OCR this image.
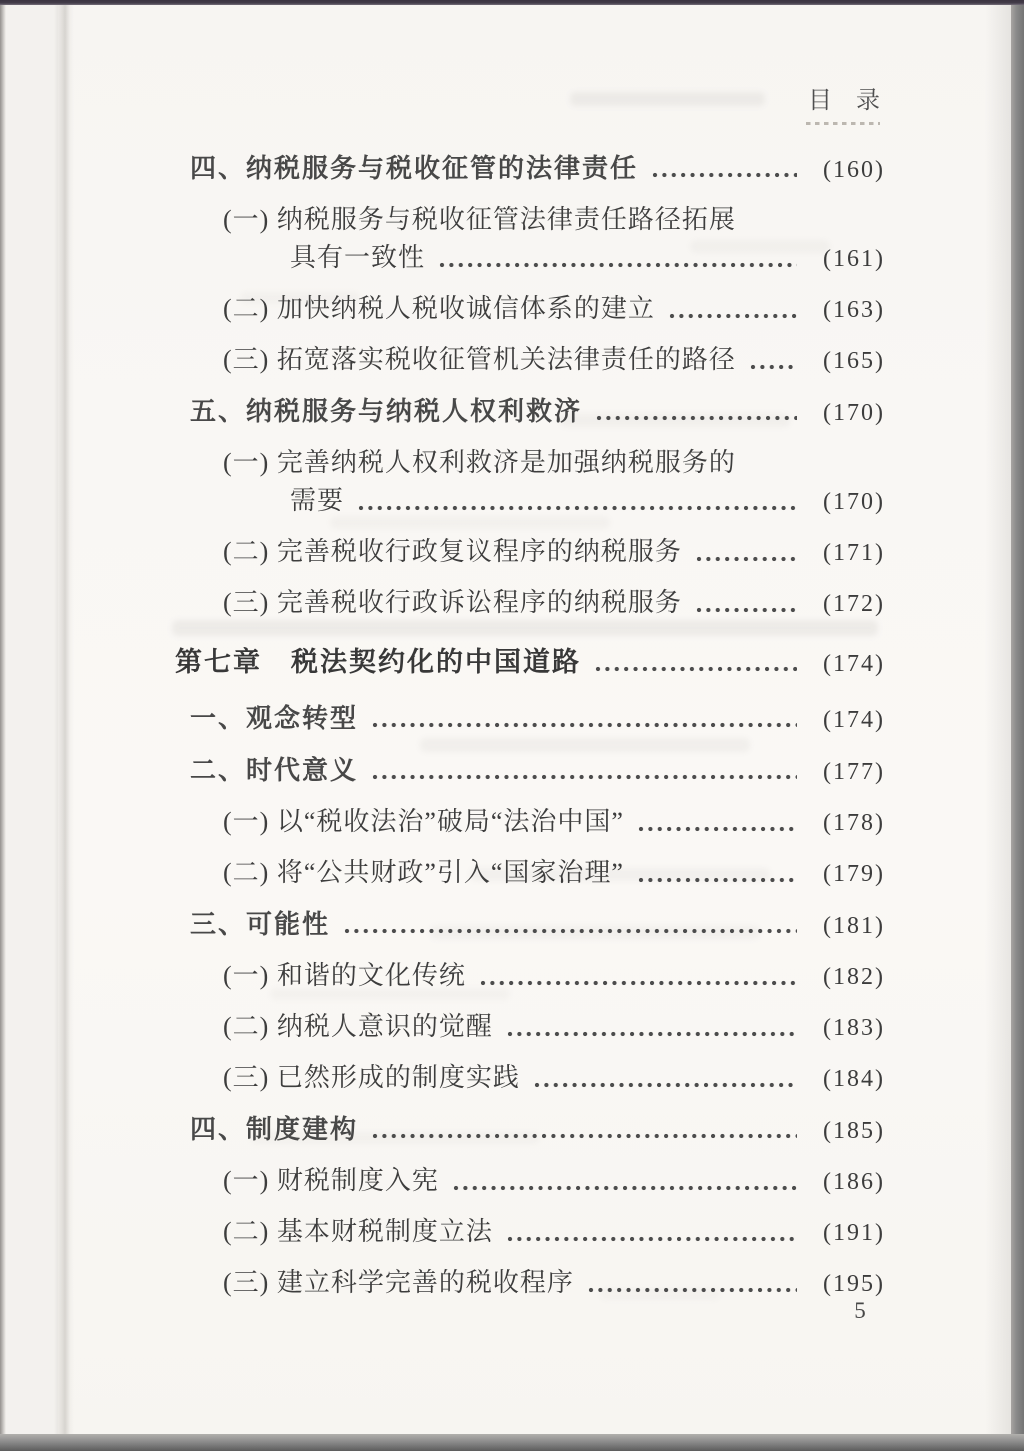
目　录
四、纳税服务与税收征管的法律责任	(160)
(一) 纳税服务与税收征管法律责任路径拓展
具有一致性	(161)
(二) 加快纳税人税收诚信体系的建立	(163)
(三) 拓宽落实税收征管机关法律责任的路径	(165)
五、纳税服务与纳税人权利救济	(170)
(一) 完善纳税人权利救济是加强纳税服务的
需要	(170)
(二) 完善税收行政复议程序的纳税服务	(171)
(三) 完善税收行政诉讼程序的纳税服务	(172)
第七章　税法契约化的中国道路	(174)
一、观念转型	(174)
二、时代意义	(177)
(一) 以“税收法治”破局“法治中国”	(178)
(二) 将“公共财政”引入“国家治理”	(179)
三、可能性	(181)
(一) 和谐的文化传统	(182)
(二) 纳税人意识的觉醒	(183)
(三) 已然形成的制度实践	(184)
四、制度建构	(185)
(一) 财税制度入宪	(186)
(二) 基本财税制度立法	(191)
(三) 建立科学完善的税收程序	(195)
5
